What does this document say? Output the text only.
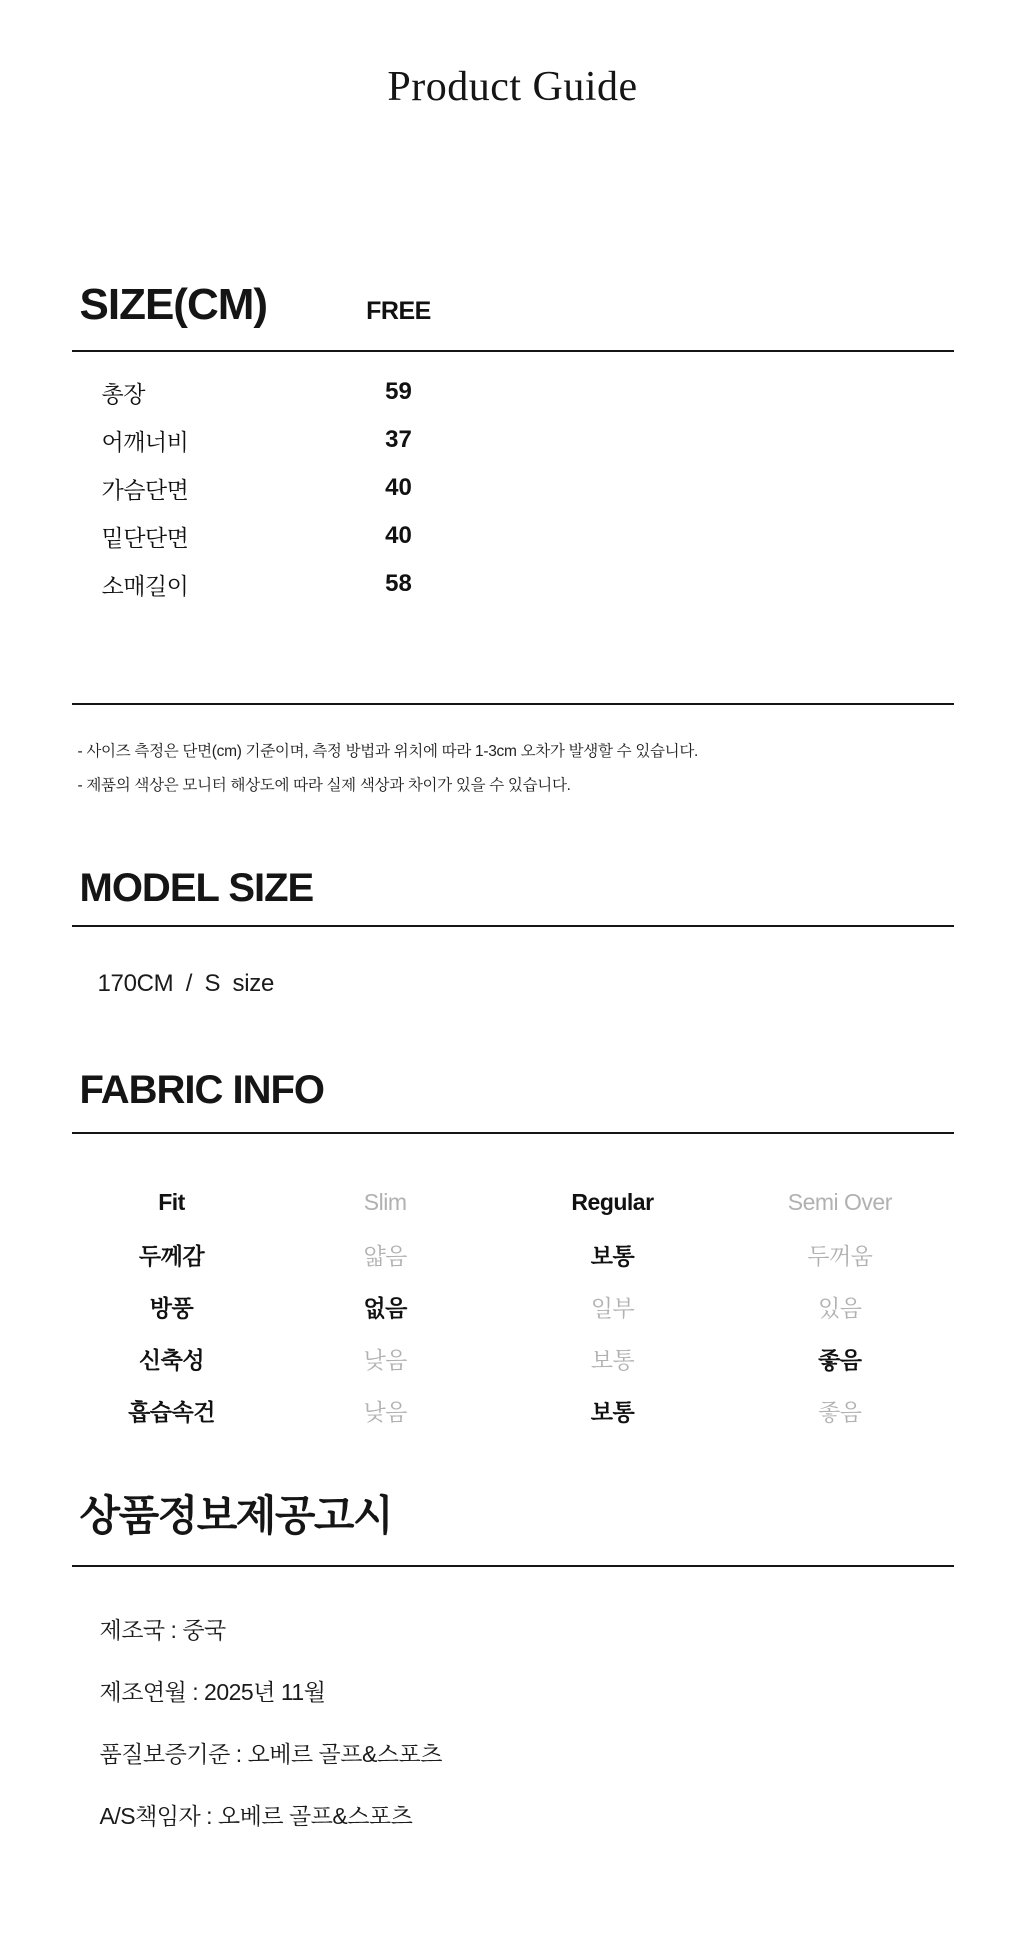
Product Guide
SIZE(CM)	FREE
총장	59
어깨너비	37
가슴단면	40
밑단단면	40
소매길이	58
- 사이즈 측정은 단면(cm) 기준이며, 측정 방법과 위치에 따라 1-3cm 오차가 발생할 수 있습니다.
- 제품의 색상은 모니터 해상도에 따라 실제 색상과 차이가 있을 수 있습니다.
MODEL SIZE
170CM / S size
FABRIC INFO
Fit	Slim	Regular	Semi Over
두께감	얇음	보통	두꺼움
방풍	없음	일부	있음
신축성	낮음	보통	좋음
흡습속건	낮음	보통	좋음
상품정보제공고시
제조국 : 중국
제조연월 : 2025년 11월
품질보증기준 : 오베르 골프&스포츠
A/S책임자 : 오베르 골프&스포츠
